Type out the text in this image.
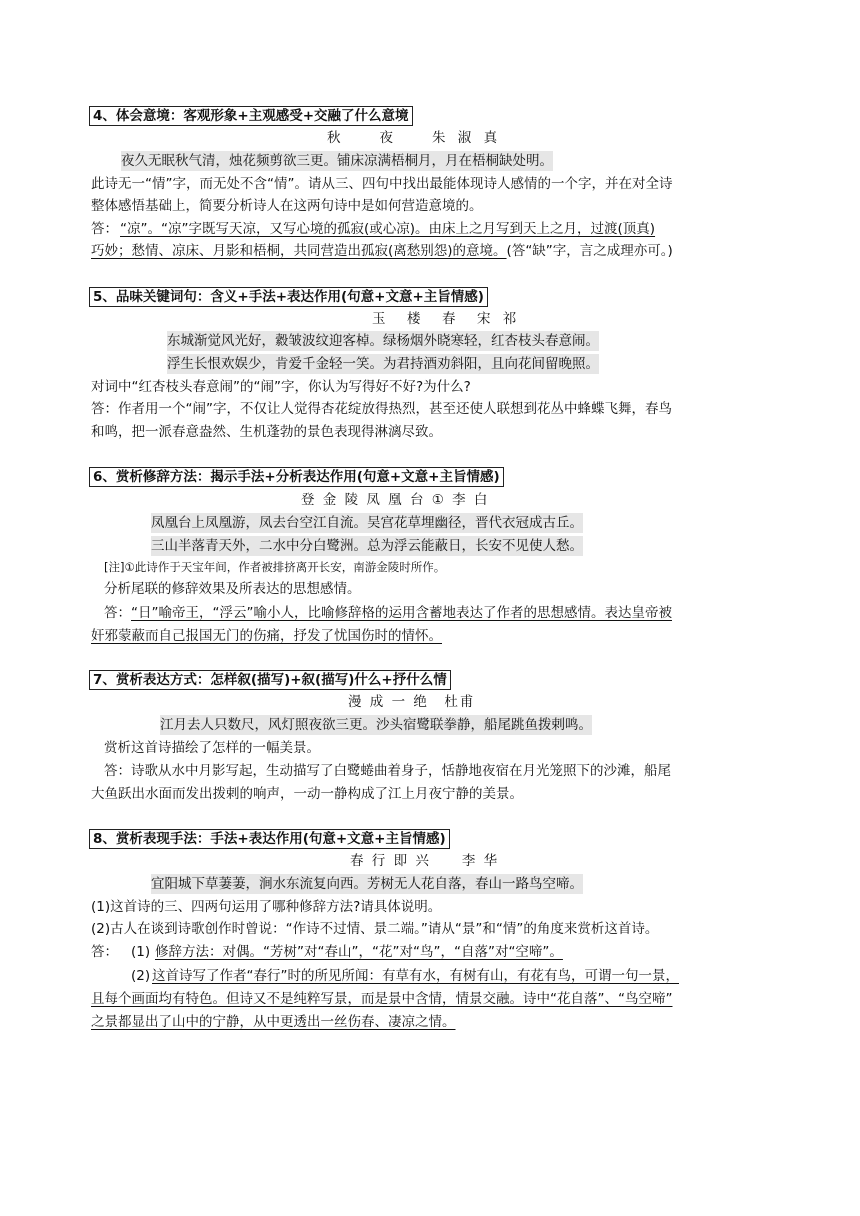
4、体会意境：客观形象+主观感受+交融了什么意境
秋　　夜　　朱 淑 真
夜久无眠秋气清，烛花频剪欲三更。铺床凉满梧桐月，月在梧桐缺处明。
此诗无一“情”字，而无处不含“情”。请从三、四句中找出最能体现诗人感情的一个字，并在对全诗
整体感悟基础上，简要分析诗人在这两句诗中是如何营造意境的。
答： “凉”。“凉”字既写天凉，又写心境的孤寂(或心凉)。由床上之月写到天上之月，过渡(顶真)
巧妙；愁情、凉床、月影和梧桐，共同营造出孤寂(离愁别怨)的意境。(答“缺”字，言之成理亦可。)
5、品味关键词句：含义+手法+表达作用(句意+文意+主旨情感)
玉　楼　春　宋 祁
东城渐觉风光好，縠皱波纹迎客棹。绿杨烟外晓寒轻，红杏枝头春意闹。
浮生长恨欢娱少，肯爱千金轻一笑。为君持酒劝斜阳，且向花间留晚照。
对词中“红杏枝头春意闹”的“闹”字，你认为写得好不好?为什么?
答：作者用一个“闹”字，不仅让人觉得杏花绽放得热烈，甚至还使人联想到花丛中蜂蝶飞舞，春鸟
和鸣，把一派春意盎然、生机蓬勃的景色表现得淋漓尽致。
6、赏析修辞方法：揭示手法+分析表达作用(句意+文意+主旨情感)
登 金 陵 凤 凰 台 ① 李 白
凤凰台上凤凰游，凤去台空江自流。吴宫花草埋幽径，晋代衣冠成古丘。
三山半落青天外，二水中分白鹭洲。总为浮云能蔽日，长安不见使人愁。
[注]①此诗作于天宝年间，作者被排挤离开长安，南游金陵时所作。
分析尾联的修辞效果及所表达的思想感情。
答： “日”喻帝王，“浮云”喻小人，比喻修辞格的运用含蓄地表达了作者的思想感情。表达皇帝被
奸邪蒙蔽而自己报国无门的伤痛，抒发了忧国伤时的情怀。
7、赏析表达方式：怎样叙(描写)+叙(描写)什么+抒什么情
漫 成 一 绝　杜甫
江月去人只数尺，风灯照夜欲三更。沙头宿鹭联拳静，船尾跳鱼拨剌鸣。
赏析这首诗描绘了怎样的一幅美景。
答：诗歌从水中月影写起，生动描写了白鹭蜷曲着身子，恬静地夜宿在月光笼照下的沙滩，船尾
大鱼跃出水面而发出拨剌的响声，一动一静构成了江上月夜宁静的美景。
8、赏析表现手法：手法+表达作用(句意+文意+主旨情感)
春 行 即 兴　　李 华
宜阳城下草萋萋，涧水东流复向西。芳树无人花自落，春山一路鸟空啼。
(1)这首诗的三、四两句运用了哪种修辞方法?请具体说明。
(2)古人在谈到诗歌创作时曾说：“作诗不过情、景二端。”请从“景”和“情”的角度来赏析这首诗。
答： (1) 修辞方法：对偶。“芳树”对“春山”，“花”对“鸟”，“自落”对“空啼”。
(2) 这首诗写了作者“春行”时的所见所闻：有草有水，有树有山，有花有鸟，可谓一句一景，
且每个画面均有特色。但诗又不是纯粹写景，而是景中含情，情景交融。诗中“花自落”、“鸟空啼”
之景都显出了山中的宁静，从中更透出一丝伤春、凄凉之情。
